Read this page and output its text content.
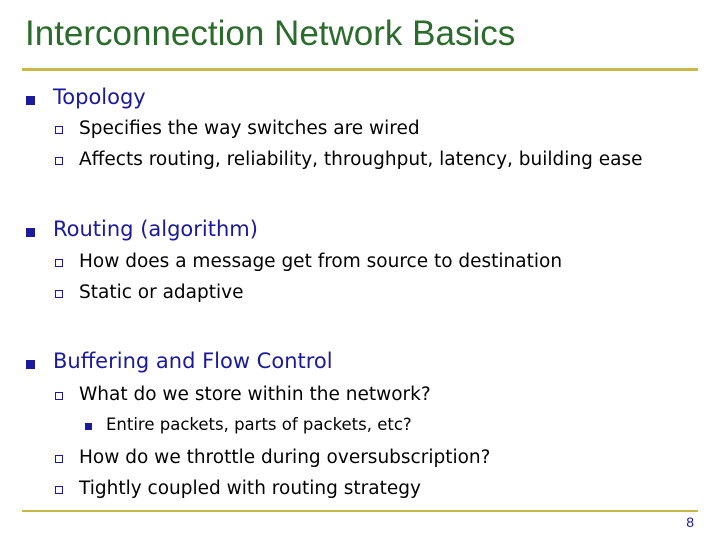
Interconnection Network Basics
Topology
Specifies the way switches are wired
Affects routing, reliability, throughput, latency, building ease
Routing (algorithm)
How does a message get from source to destination
Static or adaptive
Buffering and Flow Control
What do we store within the network?
Entire packets, parts of packets, etc?
How do we throttle during oversubscription?
Tightly coupled with routing strategy
8
